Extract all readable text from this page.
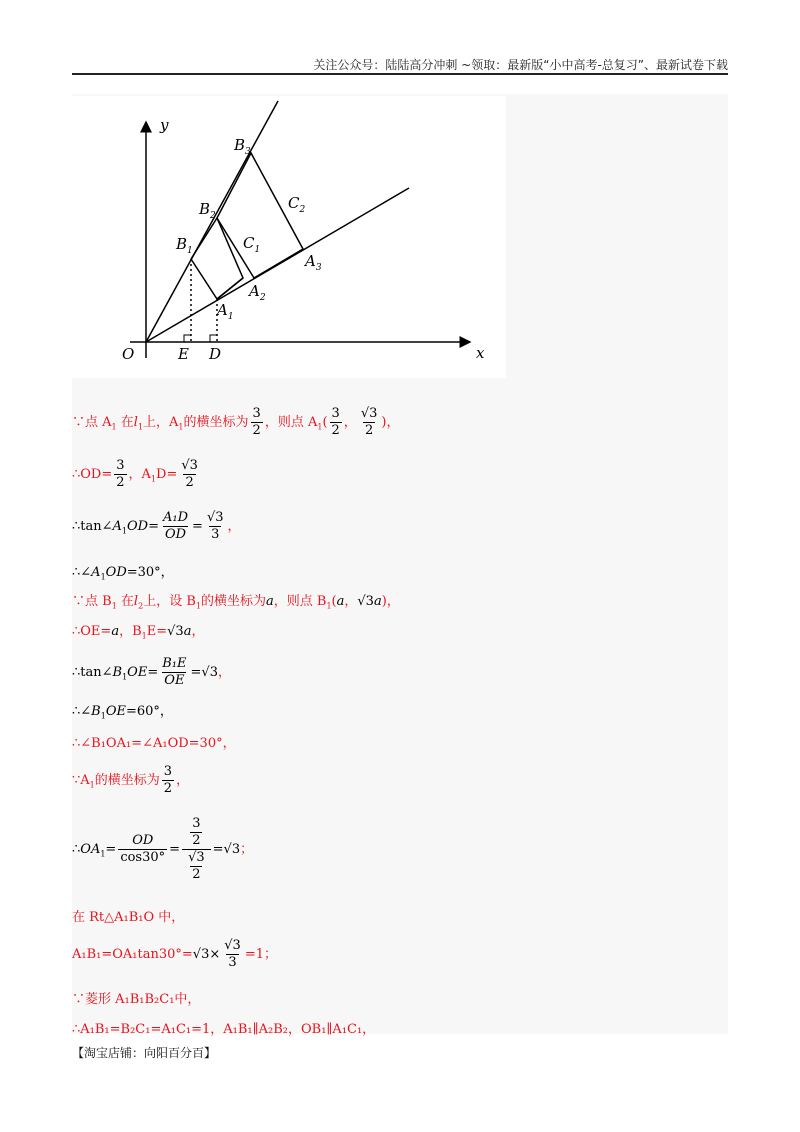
关注公众号：陆陆高分冲刺 ~领取：最新版“小中高考-总复习”、最新试卷下载
y
x
O	E D
$B_1$
$B_2$
$B_3$
$C_1$
$C_2$
$A_1$
$A_2$
$A_3$
∵点 $A_1$ 在$l_1$上，$A_1$的横坐标为 $\frac{3}{2}$ ，则点 $A_1( \frac{3}{2}$ ， $\frac{√3}{2}$ )，
∴OD= $\frac{3}{2}$ ，$A_1D= \frac{√3}{2}$
$\therefore\tan\angle A_1OD= \frac{\text{A₁D}}{OD} = \frac{√3}{3}$ ，
$\therefore\angle A_1OD=30^\circ$，
∵点 $B_1$ 在$l_2$上，设 $B_1$的横坐标为a，则点 $B_1(a$，√3a)，
∴OE=a，$B_1E=√3a$，
$\therefore\tan\angle B_1OE= \frac{\text{B₁E}}{OE} =√3$，
$\therefore\angle B_1OE=60^\circ$，
∴∠B₁OA₁=∠A₁OD=30°，
$\because A_1$的横坐标为 $\frac{3}{2}$ ，
$\therefore OA_1= \frac{OD}{\cos 30^\circ} = \frac{\frac{3}{2}}{\frac{√3}{2}} =√3$；
在 Rt△A₁B₁O 中，
$A_1B_1=OA_1\tan 30^\circ=√3\times \frac{√3}{3} =1$；
∵菱形 A₁B₁B₂C₁中，
∴A₁B₁=B₂C₁=A₁C₁=1，A₁B₁∥A₂B₂，OB₁∥A₁C₁，
【淘宝店铺：向阳百分百】
